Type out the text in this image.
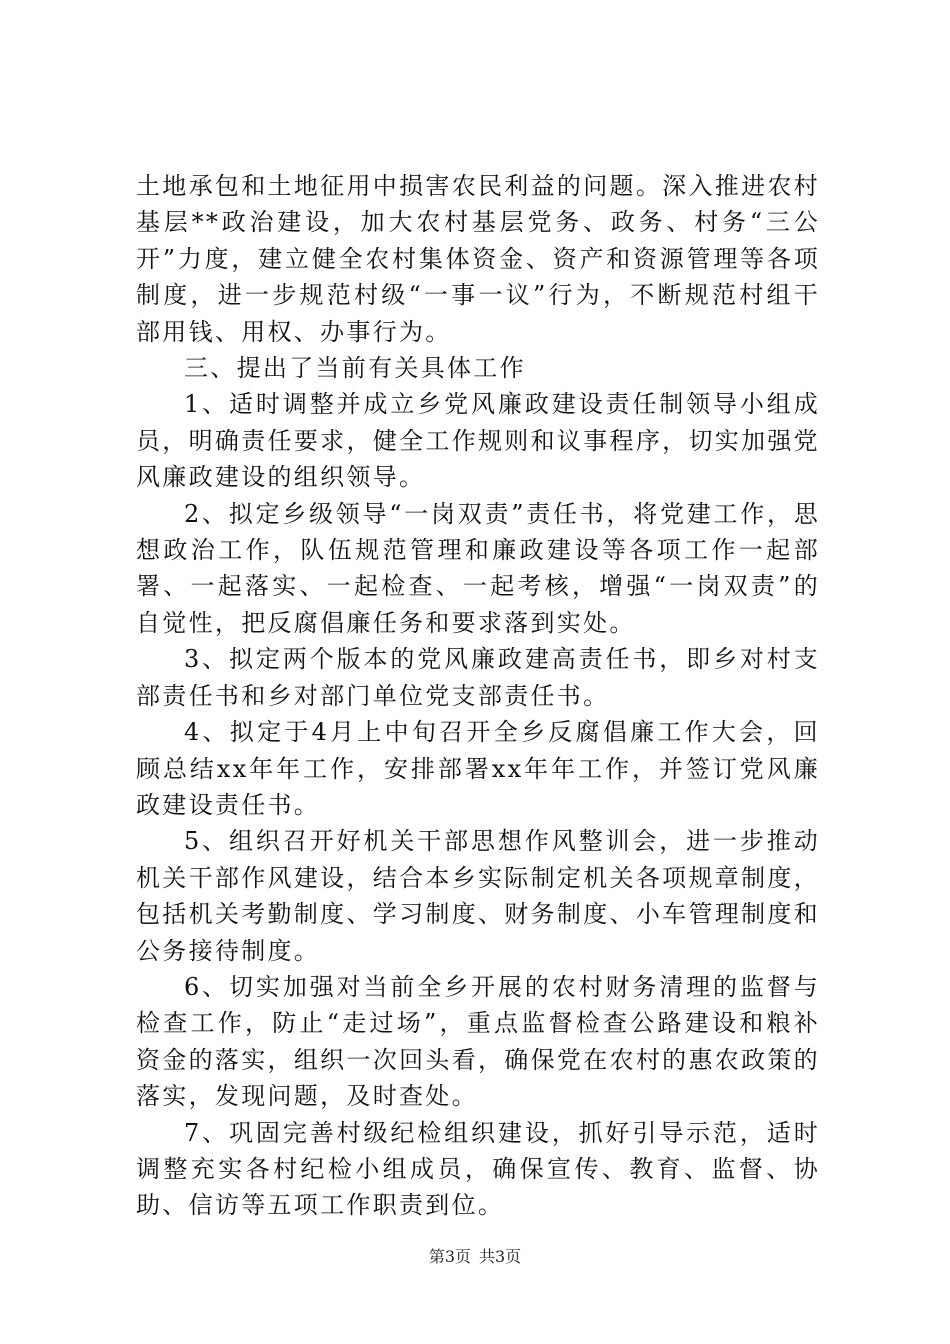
土地承包和土地征用中损害农民利益的问题。深入推进农村基层**政治建设，加大农村基层党务、政务、村务“三公开”力度，建立健全农村集体资金、资产和资源管理等各项制度，进一步规范村级“一事一议”行为，不断规范村组干部用钱、用权、办事行为。

三、提出了当前有关具体工作

1、适时调整并成立乡党风廉政建设责任制领导小组成员，明确责任要求，健全工作规则和议事程序，切实加强党风廉政建设的组织领导。

2、拟定乡级领导“一岗双责”责任书，将党建工作，思想政治工作，队伍规范管理和廉政建设等各项工作一起部署、一起落实、一起检查、一起考核，增强“一岗双责”的自觉性，把反腐倡廉任务和要求落到实处。

3、拟定两个版本的党风廉政建高责任书，即乡对村支部责任书和乡对部门单位党支部责任书。

4、拟定于4月上中旬召开全乡反腐倡廉工作大会，回顾总结xx年年工作，安排部署xx年年工作，并签订党风廉政建设责任书。

5、组织召开好机关干部思想作风整训会，进一步推动机关干部作风建设，结合本乡实际制定机关各项规章制度，包括机关考勤制度、学习制度、财务制度、小车管理制度和公务接待制度。

6、切实加强对当前全乡开展的农村财务清理的监督与检查工作，防止“走过场”，重点监督检查公路建设和粮补资金的落实，组织一次回头看，确保党在农村的惠农政策的落实，发现问题，及时查处。

7、巩固完善村级纪检组织建设，抓好引导示范，适时调整充实各村纪检小组成员，确保宣传、教育、监督、协助、信访等五项工作职责到位。

第3页 共3页
